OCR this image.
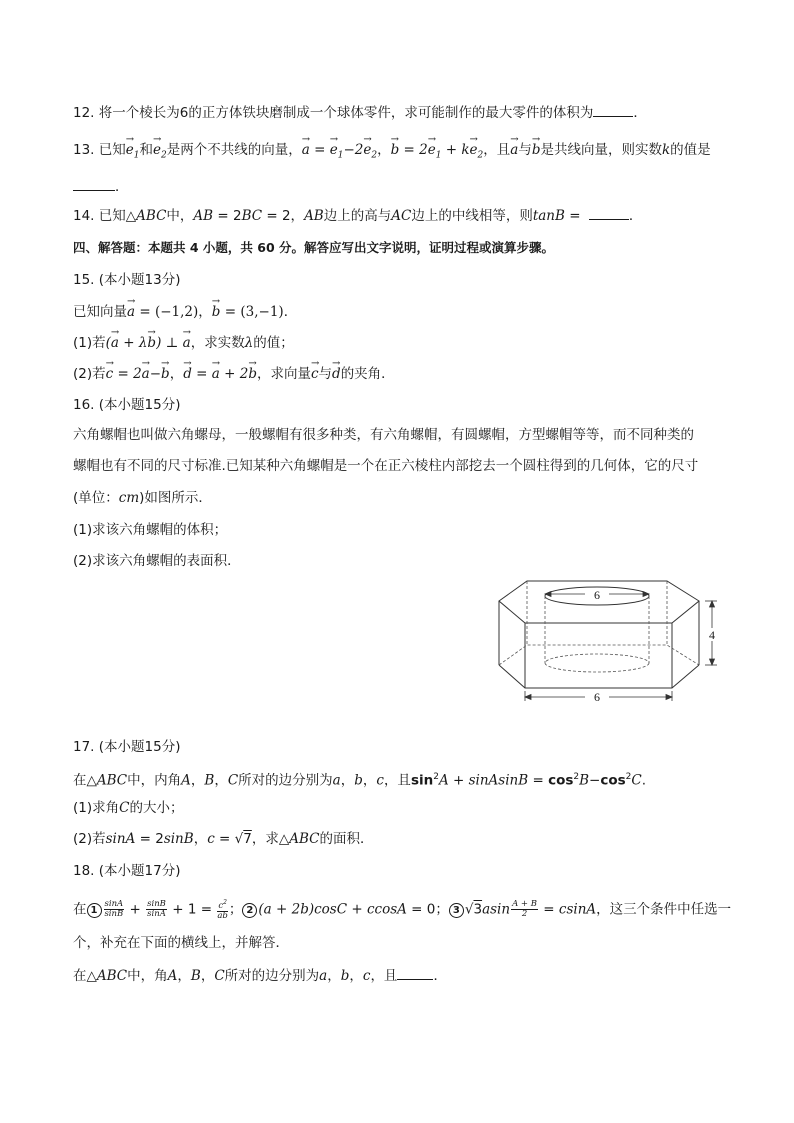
12. 将一个棱长为6的正方体铁块磨制成一个球体零件，求可能制作的最大零件的体积为	．
13. 已知→ $e_1$和→ $e_2$是两个不共线的向量，→ a = → $e_1-2\to e_2$，→ $b = 2\to e_1 + k\to e_2$，且→ a与→ b是共线向量，则实数k的值是
．
14. 已知△ABC中，AB = 2BC = 2，AB边上的高与AC边上的中线相等，则tanB =	．
四、解答题：本题共 4 小题，共 60 分。解答应写出文字说明，证明过程或演算步骤。
15. (本小题13分)
已知向量→ a = (−1,2)，→ b = (3,−1)．
(1)若(→ a + λ→ b) ⊥ → a，求实数λ的值；
(2)若→ c = 2→ a−→ b，→ d = → a + 2→ b，求向量→ c与→ d的夹角．
16. (本小题15分)
六角螺帽也叫做六角螺母，一般螺帽有很多种类，有六角螺帽，有圆螺帽，方型螺帽等等，而不同种类的
螺帽也有不同的尺寸标准.已知某种六角螺帽是一个在正六棱柱内部挖去一个圆柱得到的几何体，它的尺寸
(单位：cm)如图所示．
(1)求该六角螺帽的体积；
(2)求该六角螺帽的表面积．
6
4
6
17. (本小题15分)
在△ABC中，内角A，B，C所对的边分别为a，b，c，且$\sin^2A$ + sinAsinB = $\cos^2B-\cos^2C$.
(1)求角C的大小；
(2)若sinA = 2sinB，c = √7，求△ABC的面积．
18. (本小题17分)
在 $1 \frac{\sin A}{\sin B} + \frac{\sin B}{\sin A} + 1 = \frac{c^2}{ab}$ ； 2 (a + 2b)cosC + ccosA = 0； 3 $√3asin \frac{A + B}{2} = csinA$，这三个条件中任选一
个，补充在下面的横线上，并解答．
在△ABC中，角A，B，C所对的边分别为a，b，c，且	．
